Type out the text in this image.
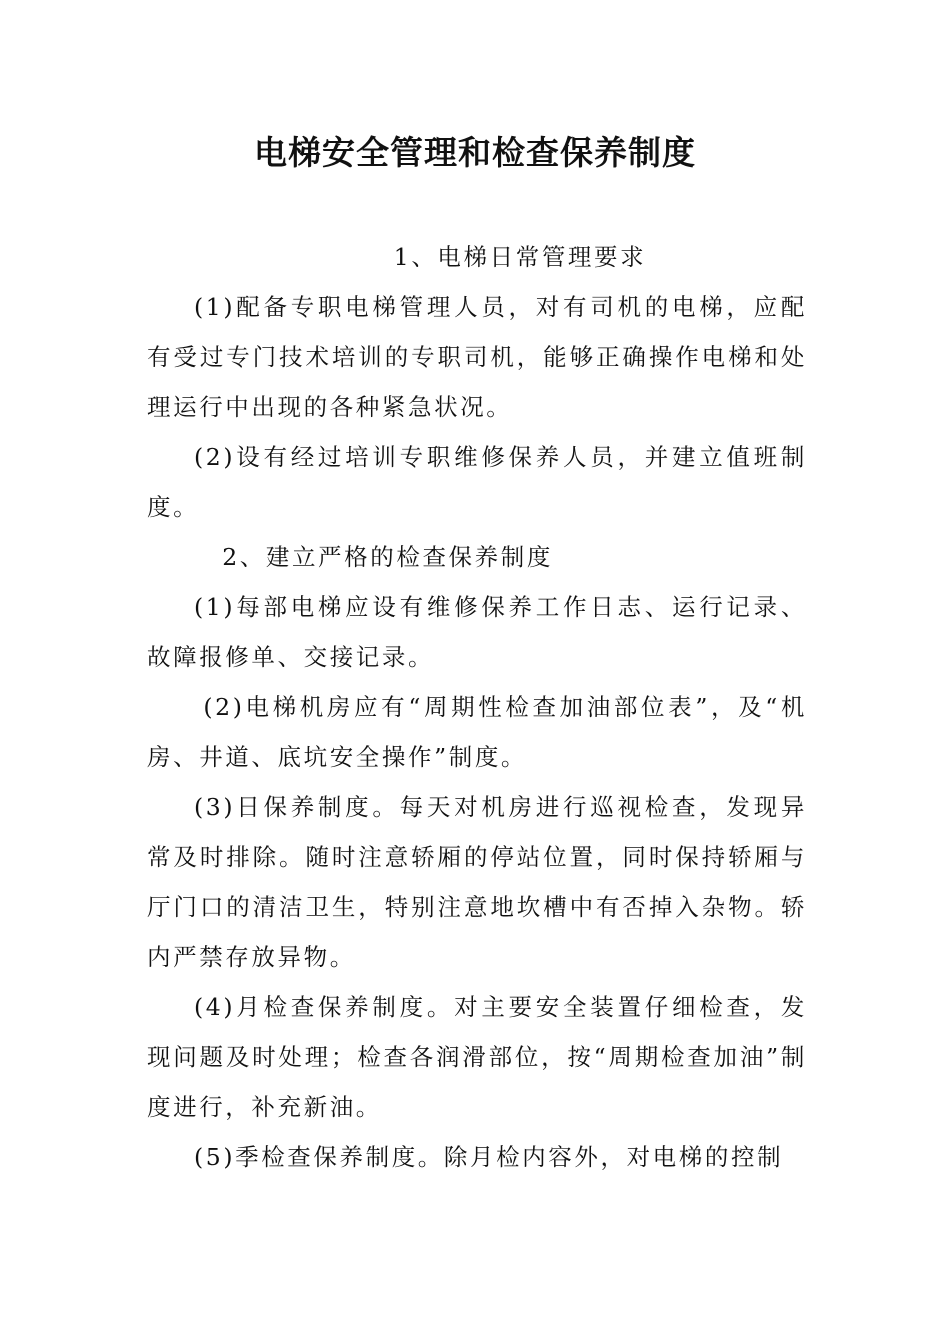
电梯安全管理和检查保养制度

1、电梯日常管理要求

(1)配备专职电梯管理人员，对有司机的电梯，应配有受过专门技术培训的专职司机，能够正确操作电梯和处理运行中出现的各种紧急状况。

(2)设有经过培训专职维修保养人员，并建立值班制度。

2、建立严格的检查保养制度

(1)每部电梯应设有维修保养工作日志、运行记录、故障报修单、交接记录。

(2)电梯机房应有“周期性检查加油部位表”，及“机房、井道、底坑安全操作”制度。

(3)日保养制度。每天对机房进行巡视检查，发现异常及时排除。随时注意轿厢的停站位置，同时保持轿厢与厅门口的清洁卫生，特别注意地坎槽中有否掉入杂物。轿内严禁存放异物。

(4)月检查保养制度。对主要安全装置仔细检查，发现问题及时处理；检查各润滑部位，按“周期检查加油”制度进行，补充新油。

(5)季检查保养制度。除月检内容外，对电梯的控制
